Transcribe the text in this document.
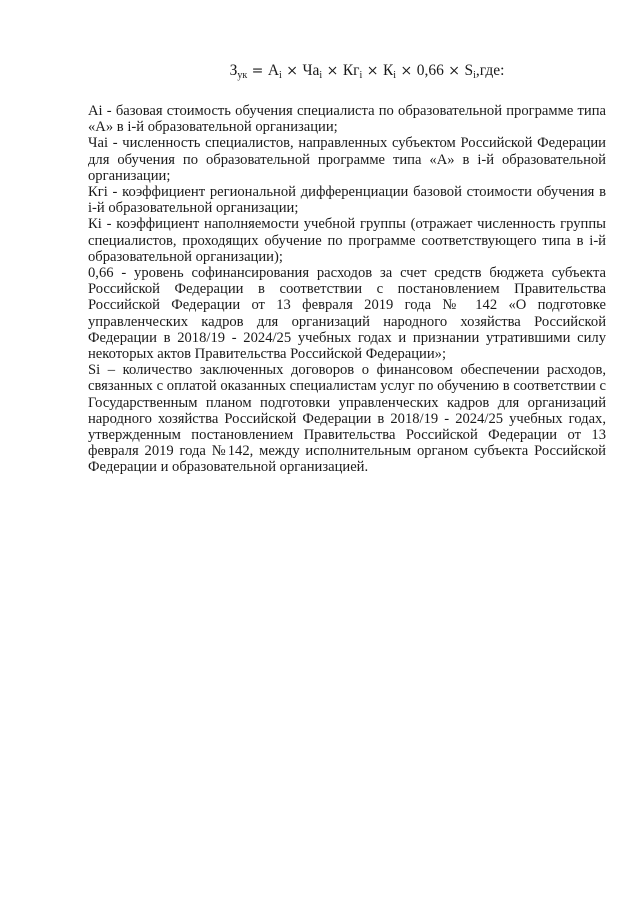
$З_{ук} = A_i \times Ча_i \times Кг_i \times К_i \times 0,66 \times S_i,где$:

Ai - базовая стоимость обучения специалиста по образовательной программе типа «А» в i-й образовательной организации;

Чаi - численность специалистов, направленных субъектом Российской Федерации для обучения по образовательной программе типа «А» в i-й образовательной организации;

Кгi - коэффициент региональной дифференциации базовой стоимости обучения в i-й образовательной организации;

Кi - коэффициент наполняемости учебной группы (отражает численность группы специалистов, проходящих обучение по программе соответствующего типа в i-й образовательной организации);

0,66 - уровень софинансирования расходов за счет средств бюджета субъекта Российской Федерации в соответствии с постановлением Правительства Российской Федерации от 13 февраля 2019 года № 142 «О подготовке управленческих кадров для организаций народного хозяйства Российской Федерации в 2018/19 - 2024/25 учебных годах и признании утратившими силу некоторых актов Правительства Российской Федерации»;

Si – количество заключенных договоров о финансовом обеспечении расходов, связанных с оплатой оказанных специалистам услуг по обучению в соответствии с Государственным планом подготовки управленческих кадров для организаций народного хозяйства Российской Федерации в 2018/19 - 2024/25 учебных годах, утвержденным постановлением Правительства Российской Федерации от 13 февраля 2019 года №142, между исполнительным органом субъекта Российской Федерации и образовательной организацией.
